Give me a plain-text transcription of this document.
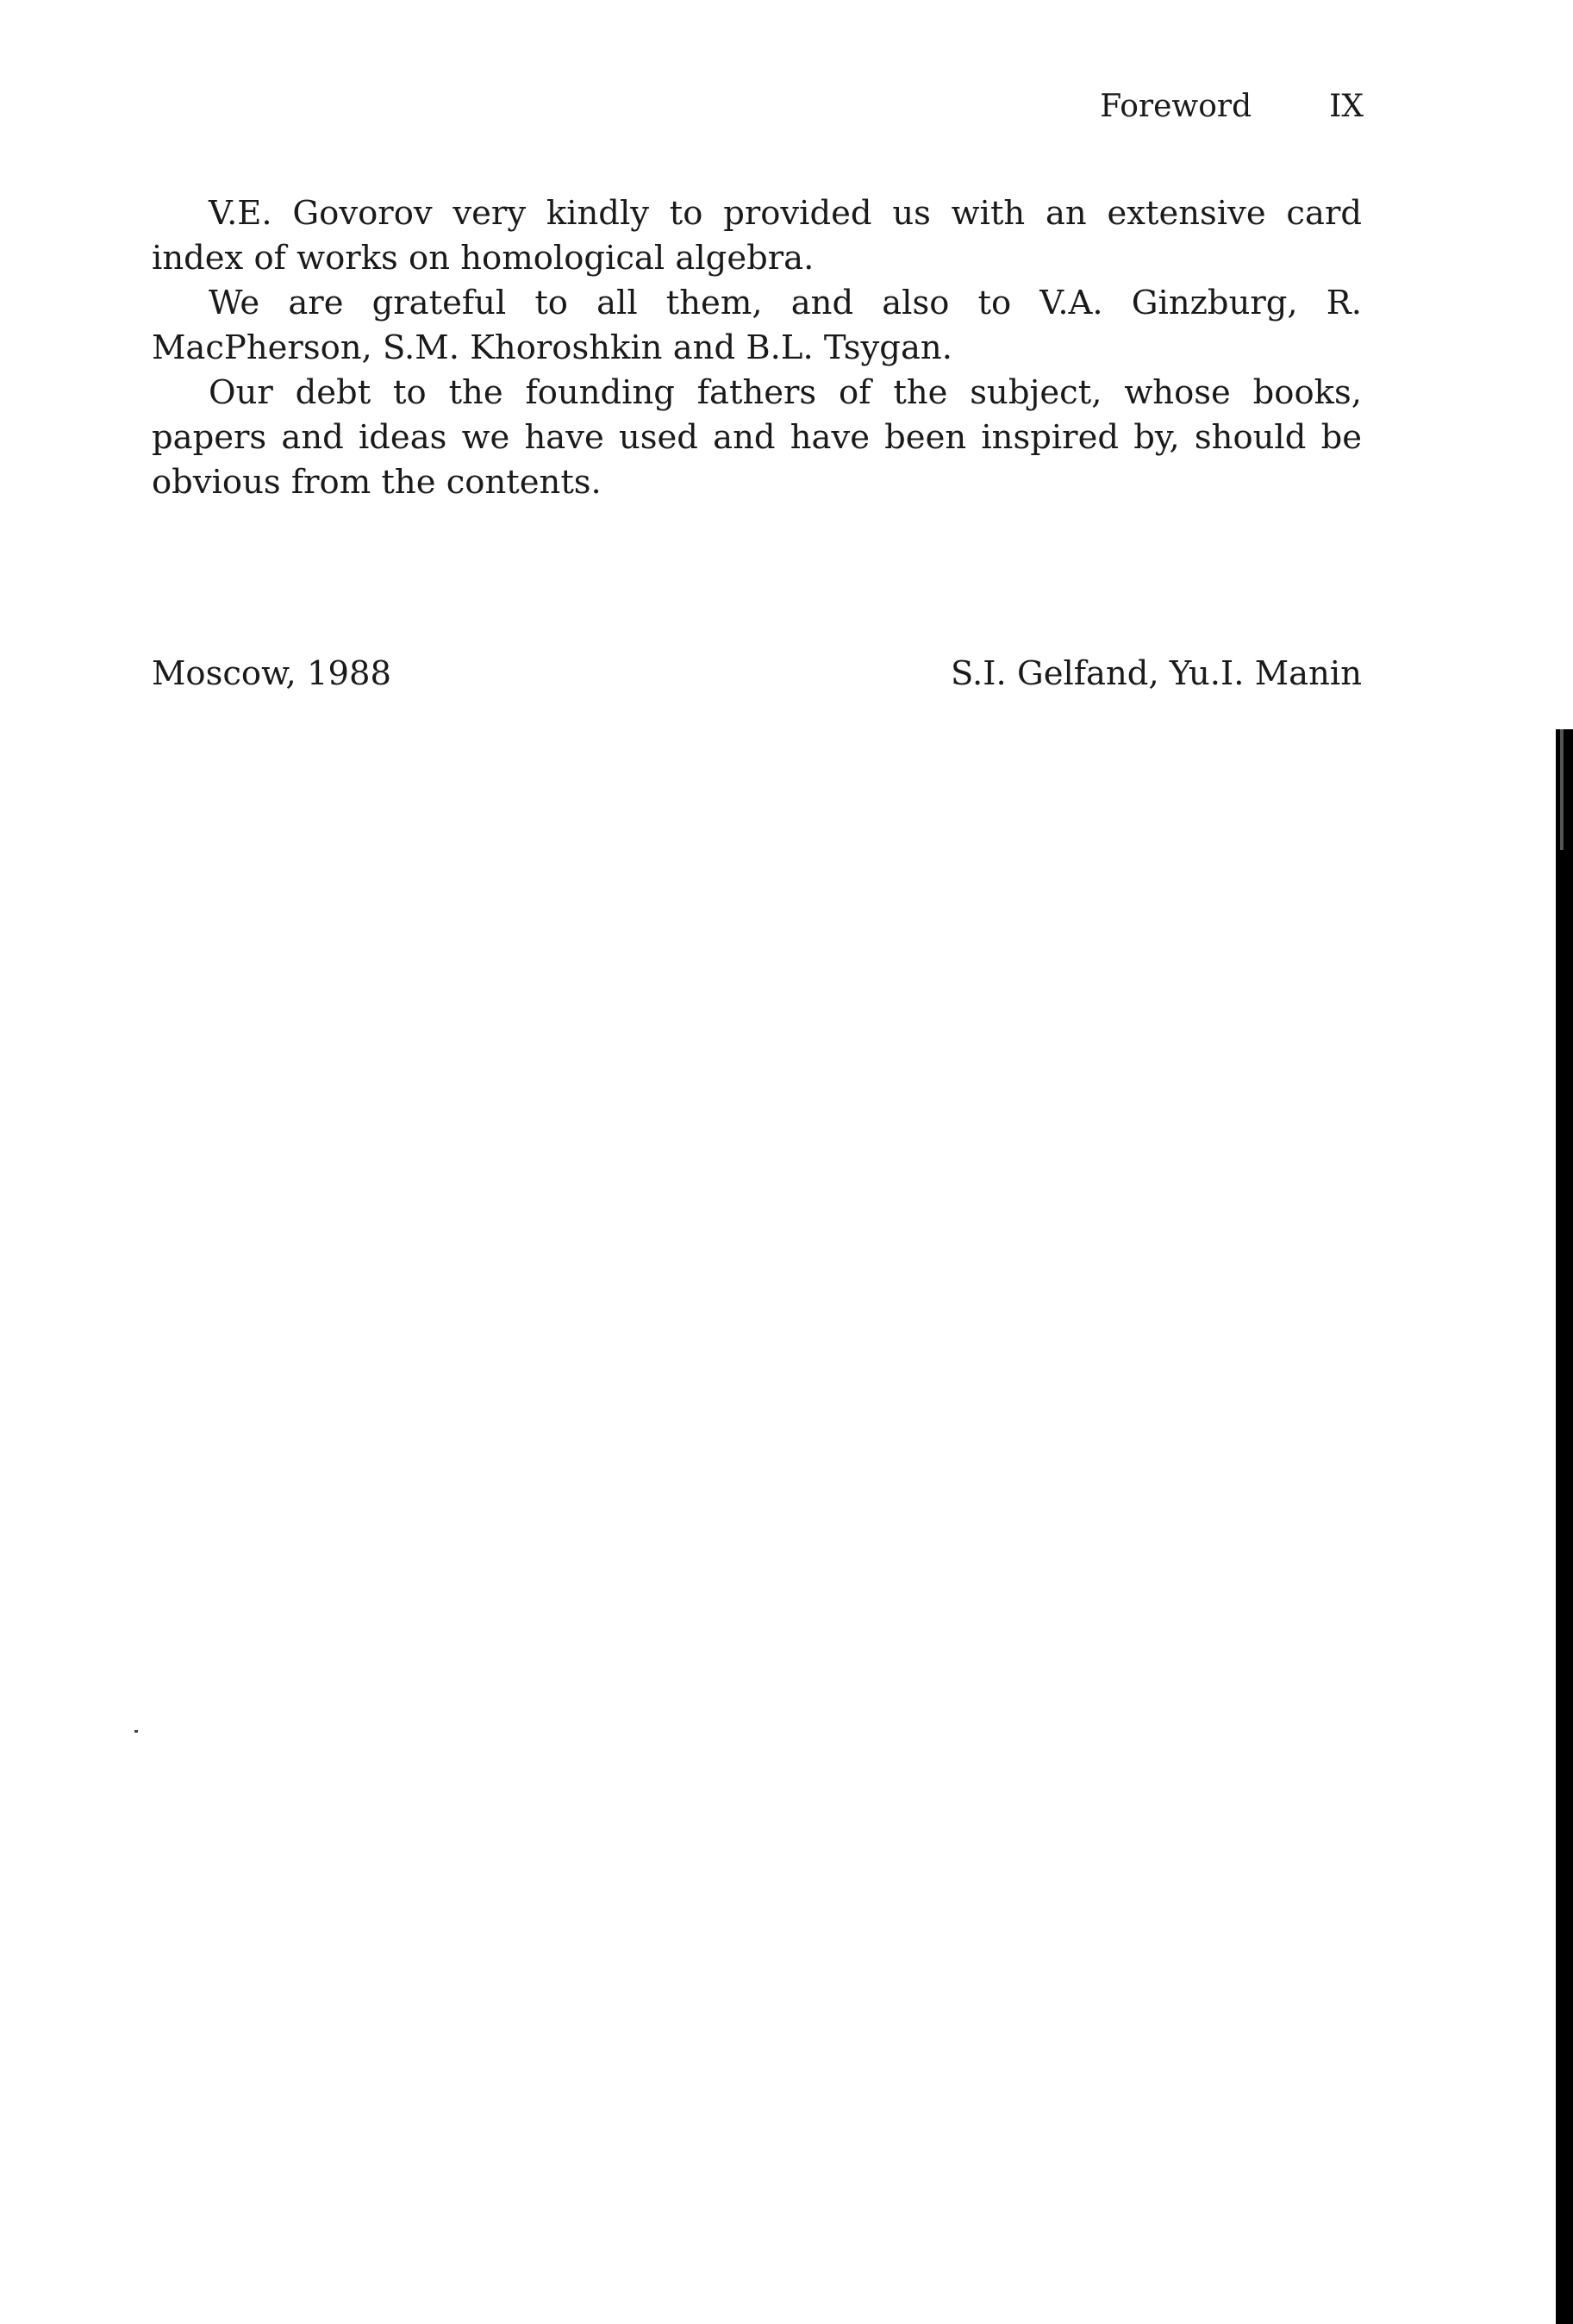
Foreword	IX

V.E. Govorov very kindly to provided us with an extensive card index of works on homological algebra.

We are grateful to all them, and also to V.A. Ginzburg, R. MacPherson, S.M. Khoroshkin and B.L. Tsygan.

Our debt to the founding fathers of the subject, whose books, papers and ideas we have used and have been inspired by, should be obvious from the contents.

Moscow, 1988	S.I. Gelfand, Yu.I. Manin
